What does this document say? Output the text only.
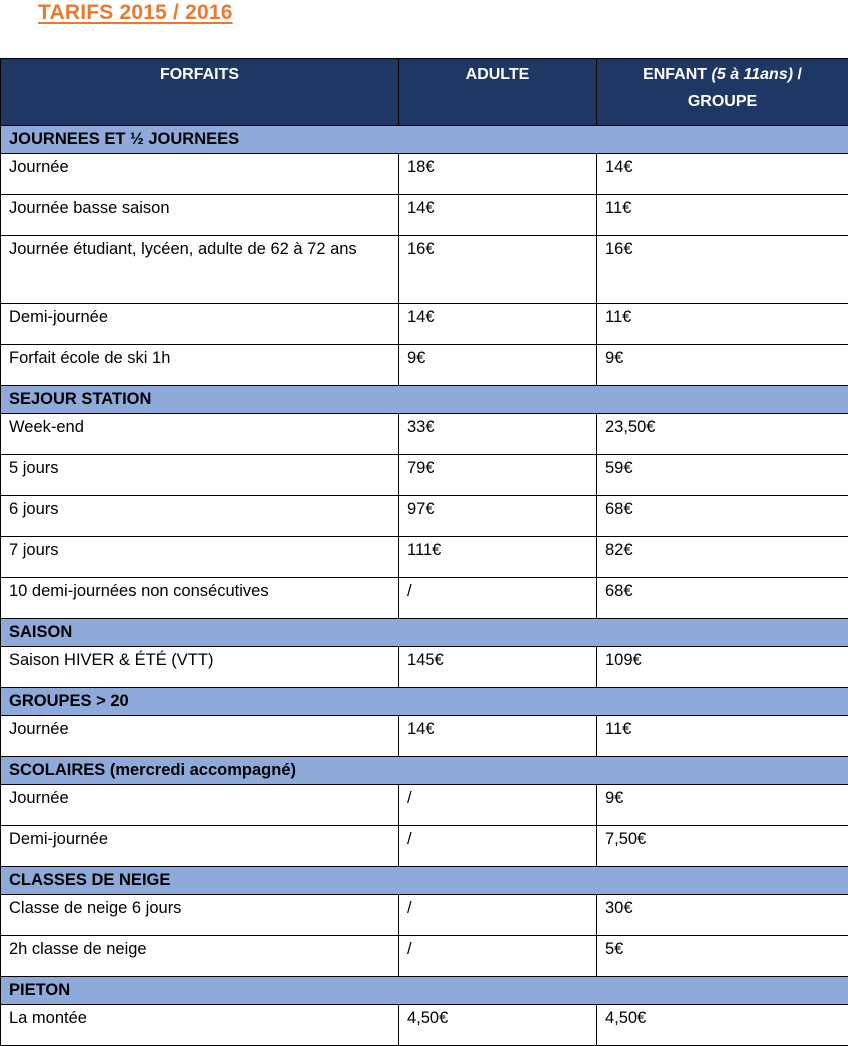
TARIFS 2015 / 2016
FORFAITS	ADULTE	ENFANT (5 à 11ans) /
GROUPE
JOURNEES ET ½ JOURNEES		
Journée	18€	14€
Journée basse saison	14€	11€
Journée étudiant, lycéen, adulte de 62 à 72 ans	16€	16€
Demi-journée	14€	11€
Forfait école de ski 1h	9€	9€
SEJOUR STATION		
Week-end	33€	23,50€
5 jours	79€	59€
6 jours	97€	68€
7 jours	111€	82€
10 demi-journées non consécutives	/	68€
SAISON		
Saison HIVER & ÉTÉ (VTT)	145€	109€
GROUPES > 20		
Journée	14€	11€
SCOLAIRES (mercredi accompagné)		
Journée	/	9€
Demi-journée	/	7,50€
CLASSES DE NEIGE		
Classe de neige 6 jours	/	30€
2h classe de neige	/	5€
PIETON		
La montée	4,50€	4,50€
